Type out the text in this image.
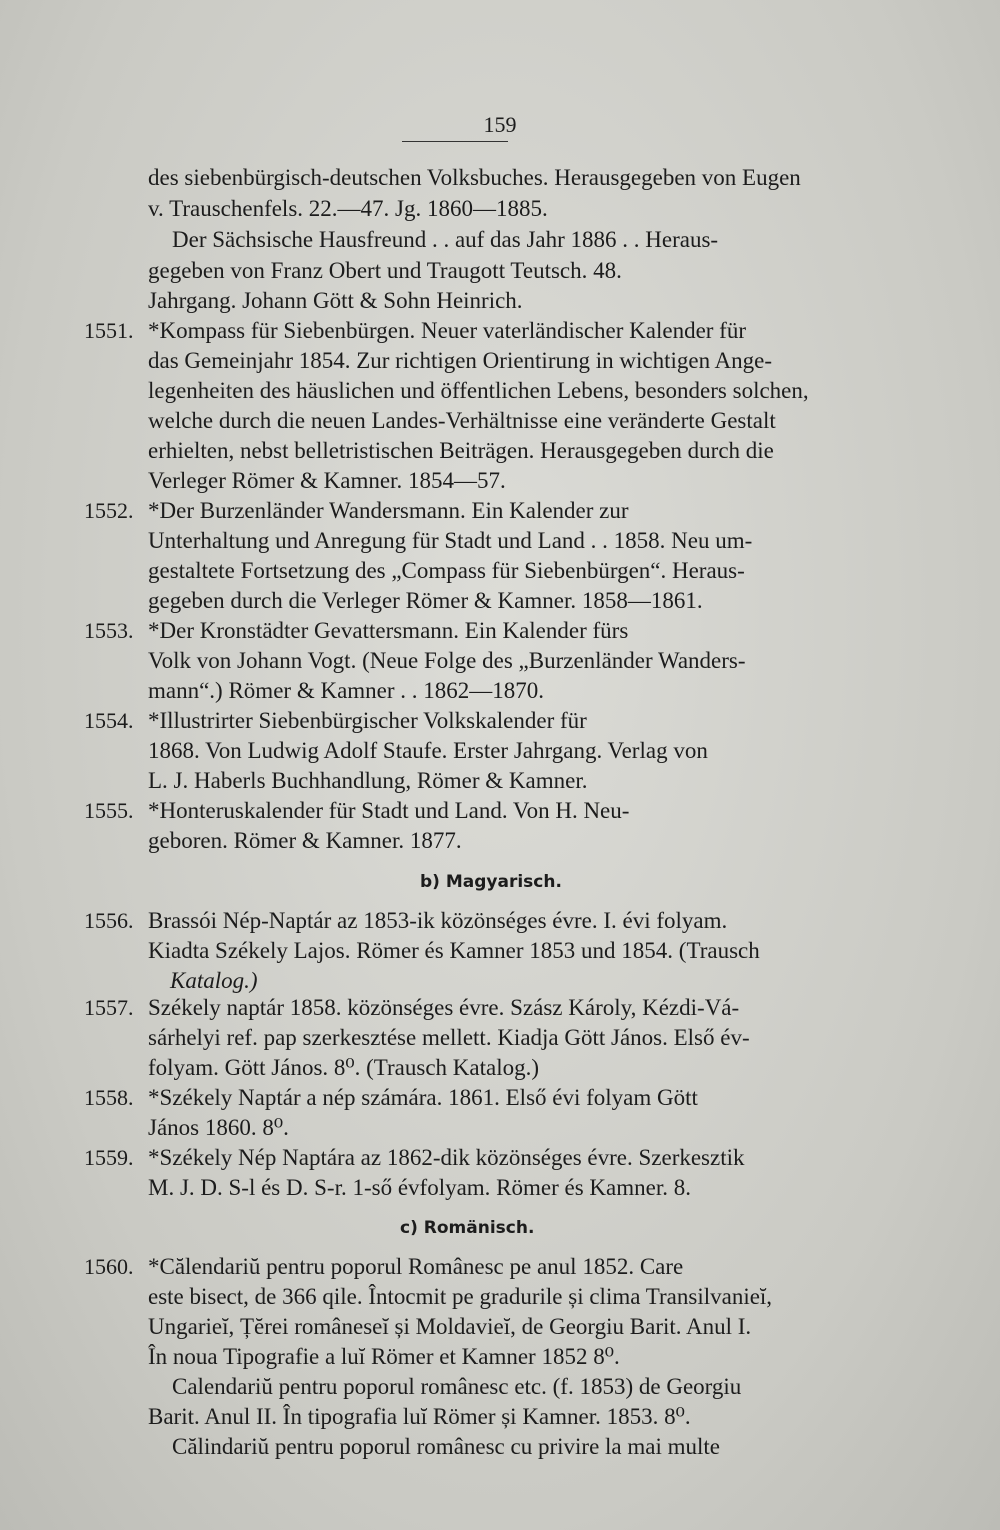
159
des siebenbürgisch-deutschen Volksbuches. Herausgegeben von Eugen
v. Trauschenfels. 22.—47. Jg. 1860—1885.
Der Sächsische Hausfreund . . auf das Jahr 1886 . . Heraus-
gegeben von Franz Obert und Traugott Teutsch. 48.
Jahrgang. Johann Gött & Sohn Heinrich.
1551. *Kompass für Siebenbürgen. Neuer vaterländischer Kalender für
das Gemeinjahr 1854. Zur richtigen Orientirung in wichtigen Ange-
legenheiten des häuslichen und öffentlichen Lebens, besonders solchen,
welche durch die neuen Landes-Verhältnisse eine veränderte Gestalt
erhielten, nebst belletristischen Beiträgen. Herausgegeben durch die
Verleger Römer & Kamner. 1854—57.
1552. *Der Burzenländer Wandersmann. Ein Kalender zur
Unterhaltung und Anregung für Stadt und Land . . 1858. Neu um-
gestaltete Fortsetzung des „Compass für Siebenbürgen“. Heraus-
gegeben durch die Verleger Römer & Kamner. 1858—1861.
1553. *Der Kronstädter Gevattersmann. Ein Kalender fürs
Volk von Johann Vogt. (Neue Folge des „Burzenländer Wanders-
mann“.) Römer & Kamner . . 1862—1870.
1554. *Illustrirter Siebenbürgischer Volkskalender für
1868. Von Ludwig Adolf Staufe. Erster Jahrgang. Verlag von
L. J. Haberls Buchhandlung, Römer & Kamner.
1555. *Honteruskalender für Stadt und Land. Von H. Neu-
geboren. Römer & Kamner. 1877.
b) Magyarisch.
1556. Brassói Nép-Naptár az 1853-ik közönséges évre. I. évi folyam.
Kiadta Székely Lajos. Römer és Kamner 1853 und 1854. (Trausch
Katalog.)
1557. Székely naptár 1858. közönséges évre. Szász Károly, Kézdi-Vá-
sárhelyi ref. pap szerkesztése mellett. Kiadja Gött János. Első év-
folyam. Gött János. 8⁰. (Trausch Katalog.)
1558. *Székely Naptár a nép számára. 1861. Első évi folyam Gött
János 1860. 8⁰.
1559. *Székely Nép Naptára az 1862-dik közönséges évre. Szerkesztik
M. J. D. S-l és D. S-r. 1-ső évfolyam. Römer és Kamner. 8.
c) Romänisch.
1560. *Călendariŭ pentru poporul Românesc pe anul 1852. Care
este bisect, de 366 qile. Întocmit pe gradurile și clima Transilvanieĭ,
Ungarieĭ, Țĕrei româneseĭ și Moldavieĭ, de Georgiu Barit. Anul I.
În noua Tipografie a luĭ Römer et Kamner 1852 8⁰.
Calendariŭ pentru poporul românesc etc. (f. 1853) de Georgiu
Barit. Anul II. În tipografia luĭ Römer și Kamner. 1853. 8⁰.
Călindariŭ pentru poporul românesc cu privire la mai multe
